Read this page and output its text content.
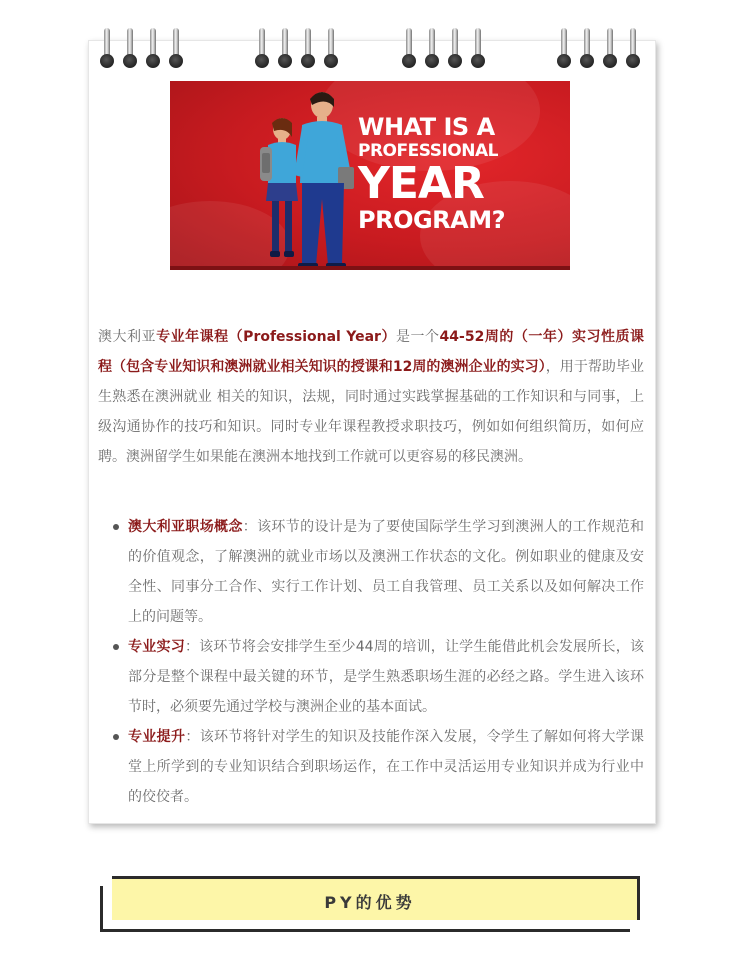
WHAT IS A
PROFESSIONAL
YEAR
PROGRAM?

澳大利亚专业年课程（Professional Year）是一个44-52周的（一年）实习性质课程（包含专业知识和澳洲就业相关知识的授课和12周的澳洲企业的实习），用于帮助毕业生熟悉在澳洲就业 相关的知识，法规，同时通过实践掌握基础的工作知识和与同事，上级沟通协作的技巧和知识。同时专业年课程教授求职技巧，例如如何组织简历，如何应聘。澳洲留学生如果能在澳洲本地找到工作就可以更容易的移民澳洲。

澳大利亚职场概念：该环节的设计是为了要使国际学生学习到澳洲人的工作规范和的价值观念，了解澳洲的就业市场以及澳洲工作状态的文化。例如职业的健康及安全性、同事分工合作、实行工作计划、员工自我管理、员工关系以及如何解决工作上的问题等。
专业实习：该环节将会安排学生至少44周的培训，让学生能借此机会发展所长，该部分是整个课程中最关键的环节，是学生熟悉职场生涯的必经之路。学生进入该环节时，必须要先通过学校与澳洲企业的基本面试。
专业提升：该环节将针对学生的知识及技能作深入发展，令学生了解如何将大学课堂上所学到的专业知识结合到职场运作，在工作中灵活运用专业知识并成为行业中的佼佼者。
PY的优势
